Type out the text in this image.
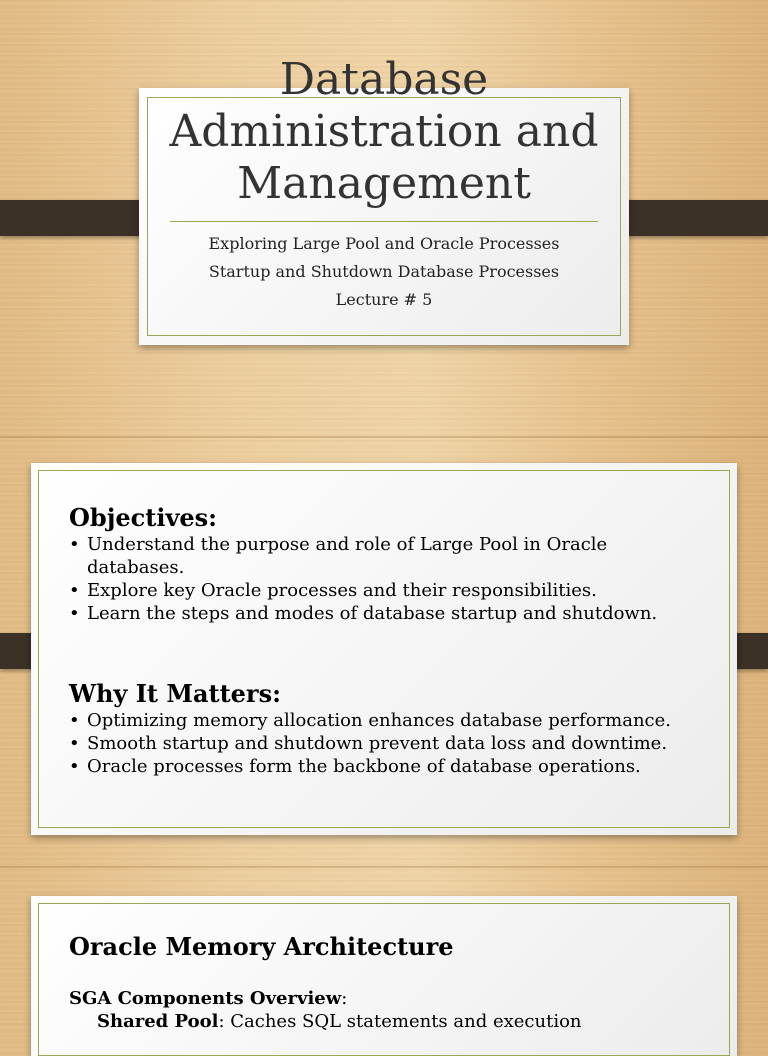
Database Administration and Management
Exploring Large Pool and Oracle Processes
Startup and Shutdown Database Processes
Lecture # 5
Objectives:
• Understand the purpose and role of Large Pool in Oracle databases.
• Explore key Oracle processes and their responsibilities.
• Learn the steps and modes of database startup and shutdown.
Why It Matters:
• Optimizing memory allocation enhances database performance.
• Smooth startup and shutdown prevent data loss and downtime.
• Oracle processes form the backbone of database operations.
Oracle Memory Architecture
SGA Components Overview:
Shared Pool: Caches SQL statements and execution
